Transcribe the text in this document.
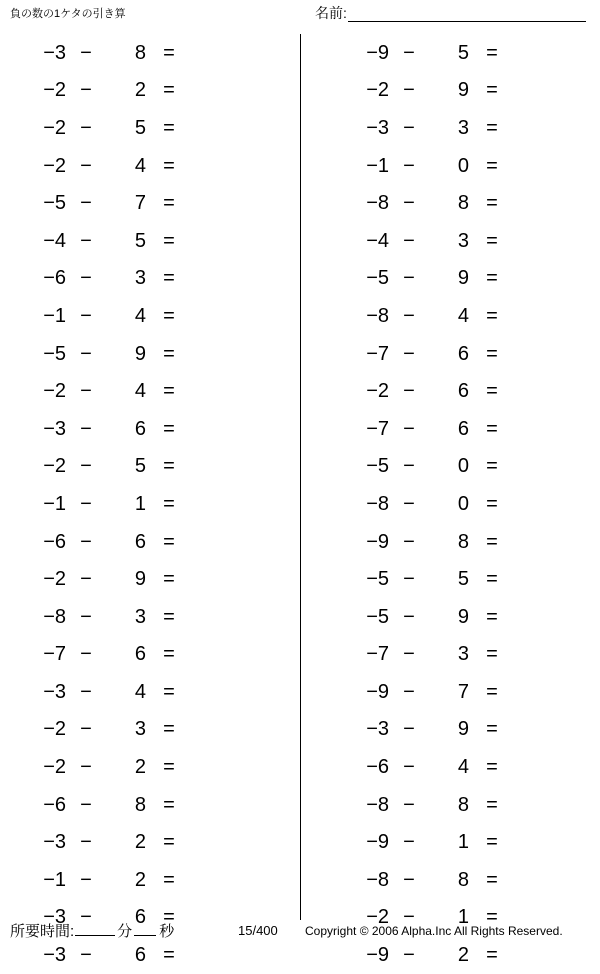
負の数の1ケタの引き算	名前:
−3 −	8 =
−2 −	2 =
−2 −	5 =
−2 −	4 =
−5 −	7 =
−4 −	5 =
−6 −	3 =
−1 −	4 =
−5 −	9 =
−2 −	4 =
−3 −	6 =
−2 −	5 =
−1 −	1 =
−6 −	6 =
−2 −	9 =
−8 −	3 =
−7 −	6 =
−3 −	4 =
−2 −	3 =
−2 −	2 =
−6 −	8 =
−3 −	2 =
−1 −	2 =
−3 −	6 =
−3 −	6 =
−9 −	5 =
−2 −	9 =
−3 −	3 =
−1 −	0 =
−8 −	8 =
−4 −	3 =
−5 −	9 =
−8 −	4 =
−7 −	6 =
−2 −	6 =
−7 −	6 =
−5 −	0 =
−8 −	0 =
−9 −	8 =
−5 −	5 =
−5 −	9 =
−7 −	3 =
−9 −	7 =
−3 −	9 =
−6 −	4 =
−8 −	8 =
−9 −	1 =
−8 −	8 =
−2 −	1 =
−9 −	2 =
所要時間:	分 秒	15/400 Copyright © 2006 Alpha.Inc All Rights Reserved.
